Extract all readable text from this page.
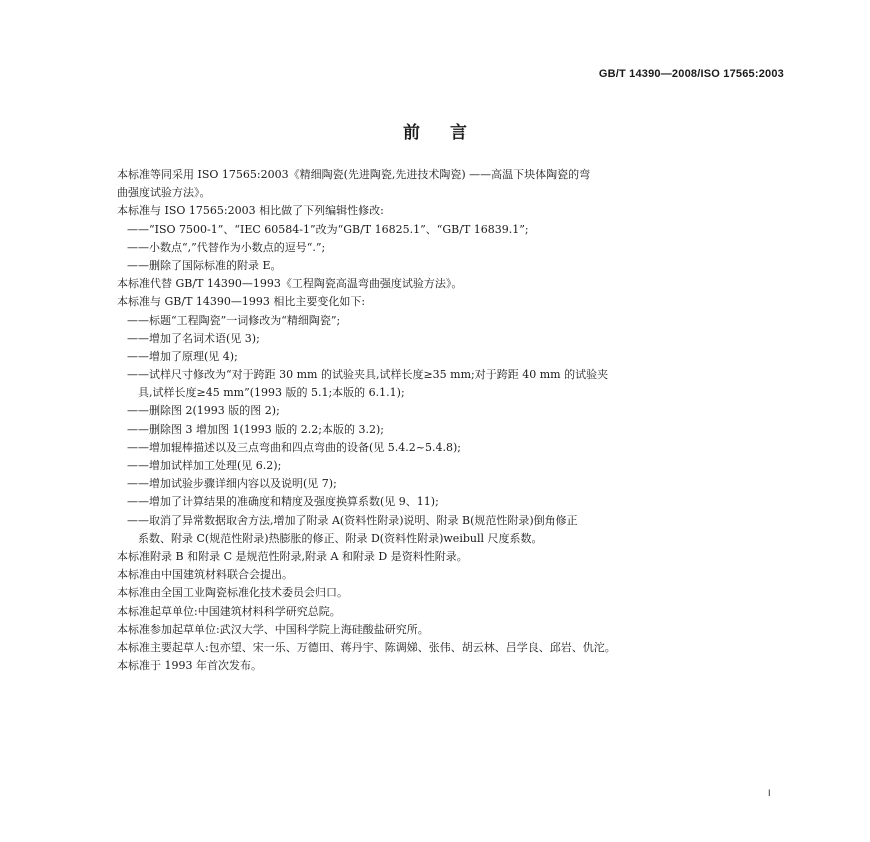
GB/T 14390—2008/ISO 17565:2003
前言
本标准等同采用 ISO 17565:2003《精细陶瓷(先进陶瓷,先进技术陶瓷) ——高温下块体陶瓷的弯
曲强度试验方法》。
本标准与 ISO 17565:2003 相比做了下列编辑性修改:
——“ISO 7500-1”、“IEC 60584-1”改为“GB/T 16825.1”、“GB/T 16839.1”;
——小数点“,”代替作为小数点的逗号“.”;
——删除了国际标准的附录 E。
本标准代替 GB/T 14390—1993《工程陶瓷高温弯曲强度试验方法》。
本标准与 GB/T 14390—1993 相比主要变化如下:
——标题“工程陶瓷”一词修改为“精细陶瓷”;
——增加了名词术语(见 3);
——增加了原理(见 4);
——试样尺寸修改为“对于跨距 30 mm 的试验夹具,试样长度≥35 mm;对于跨距 40 mm 的试验夹
具,试样长度≥45 mm”(1993 版的 5.1;本版的 6.1.1);
——删除图 2(1993 版的图 2);
——删除图 3 增加图 1(1993 版的 2.2;本版的 3.2);
——增加辊棒描述以及三点弯曲和四点弯曲的设备(见 5.4.2~5.4.8);
——增加试样加工处理(见 6.2);
——增加试验步骤详细内容以及说明(见 7);
——增加了计算结果的准确度和精度及强度换算系数(见 9、11);
——取消了异常数据取舍方法,增加了附录 A(资料性附录)说明、附录 B(规范性附录)倒角修正
系数、附录 C(规范性附录)热膨胀的修正、附录 D(资料性附录)weibull 尺度系数。
本标准附录 B 和附录 C 是规范性附录,附录 A 和附录 D 是资料性附录。
本标准由中国建筑材料联合会提出。
本标准由全国工业陶瓷标准化技术委员会归口。
本标准起草单位:中国建筑材料科学研究总院。
本标准参加起草单位:武汉大学、中国科学院上海硅酸盐研究所。
本标准主要起草人:包亦望、宋一乐、万德田、蒋丹宇、陈调娣、张伟、胡云林、吕学良、邱岩、仇沱。
本标准于 1993 年首次发布。
I
